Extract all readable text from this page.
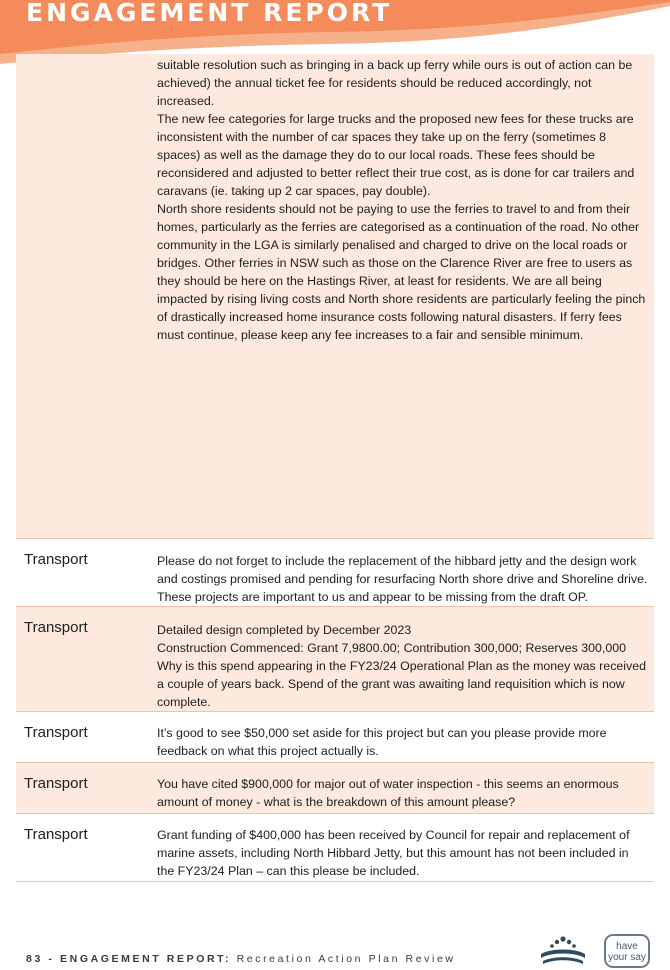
ENGAGEMENT REPORT

suitable resolution such as bringing in a back up ferry while ours is out of action can be achieved) the annual ticket fee for residents should be reduced accordingly, not increased.

The new fee categories for large trucks and the proposed new fees for these trucks are inconsistent with the number of car spaces they take up on the ferry (sometimes 8 spaces) as well as the damage they do to our local roads. These fees should be reconsidered and adjusted to better reflect their true cost, as is done for car trailers and caravans (ie. taking up 2 car spaces, pay double).

North shore residents should not be paying to use the ferries to travel to and from their homes, particularly as the ferries are categorised as a continuation of the road. No other community in the LGA is similarly penalised and charged to drive on the local roads or bridges. Other ferries in NSW such as those on the Clarence River are free to users as they should be here on the Hastings River, at least for residents. We are all being impacted by rising living costs and North shore residents are particularly feeling the pinch of drastically increased home insurance costs following natural disasters. If ferry fees must continue, please keep any fee increases to a fair and sensible minimum.

Transport	Please do not forget to include the replacement of the hibbard jetty and the design work and costings promised and pending for resurfacing North shore drive and Shoreline drive. These projects are important to us and appear to be missing from the draft OP.

Transport	Detailed design completed by December 2023

Construction Commenced: Grant 7,9800.00; Contribution 300,000; Reserves 300,000

Why is this spend appearing in the FY23/24 Operational Plan as the money was received a couple of years back. Spend of the grant was awaiting land requisition which is now complete.

Transport	It’s good to see $50,000 set aside for this project but can you please provide more feedback on what this project actually is.

Transport	You have cited $900,000 for major out of water inspection - this seems an enormous amount of money - what is the breakdown of this amount please?

Transport	Grant funding of $400,000 has been received by Council for repair and replacement of marine assets, including North Hibbard Jetty, but this amount has not been included in the FY23/24 Plan – can this please be included.

83 - ENGAGEMENT REPORT: Recreation Action Plan Review
have
your say
